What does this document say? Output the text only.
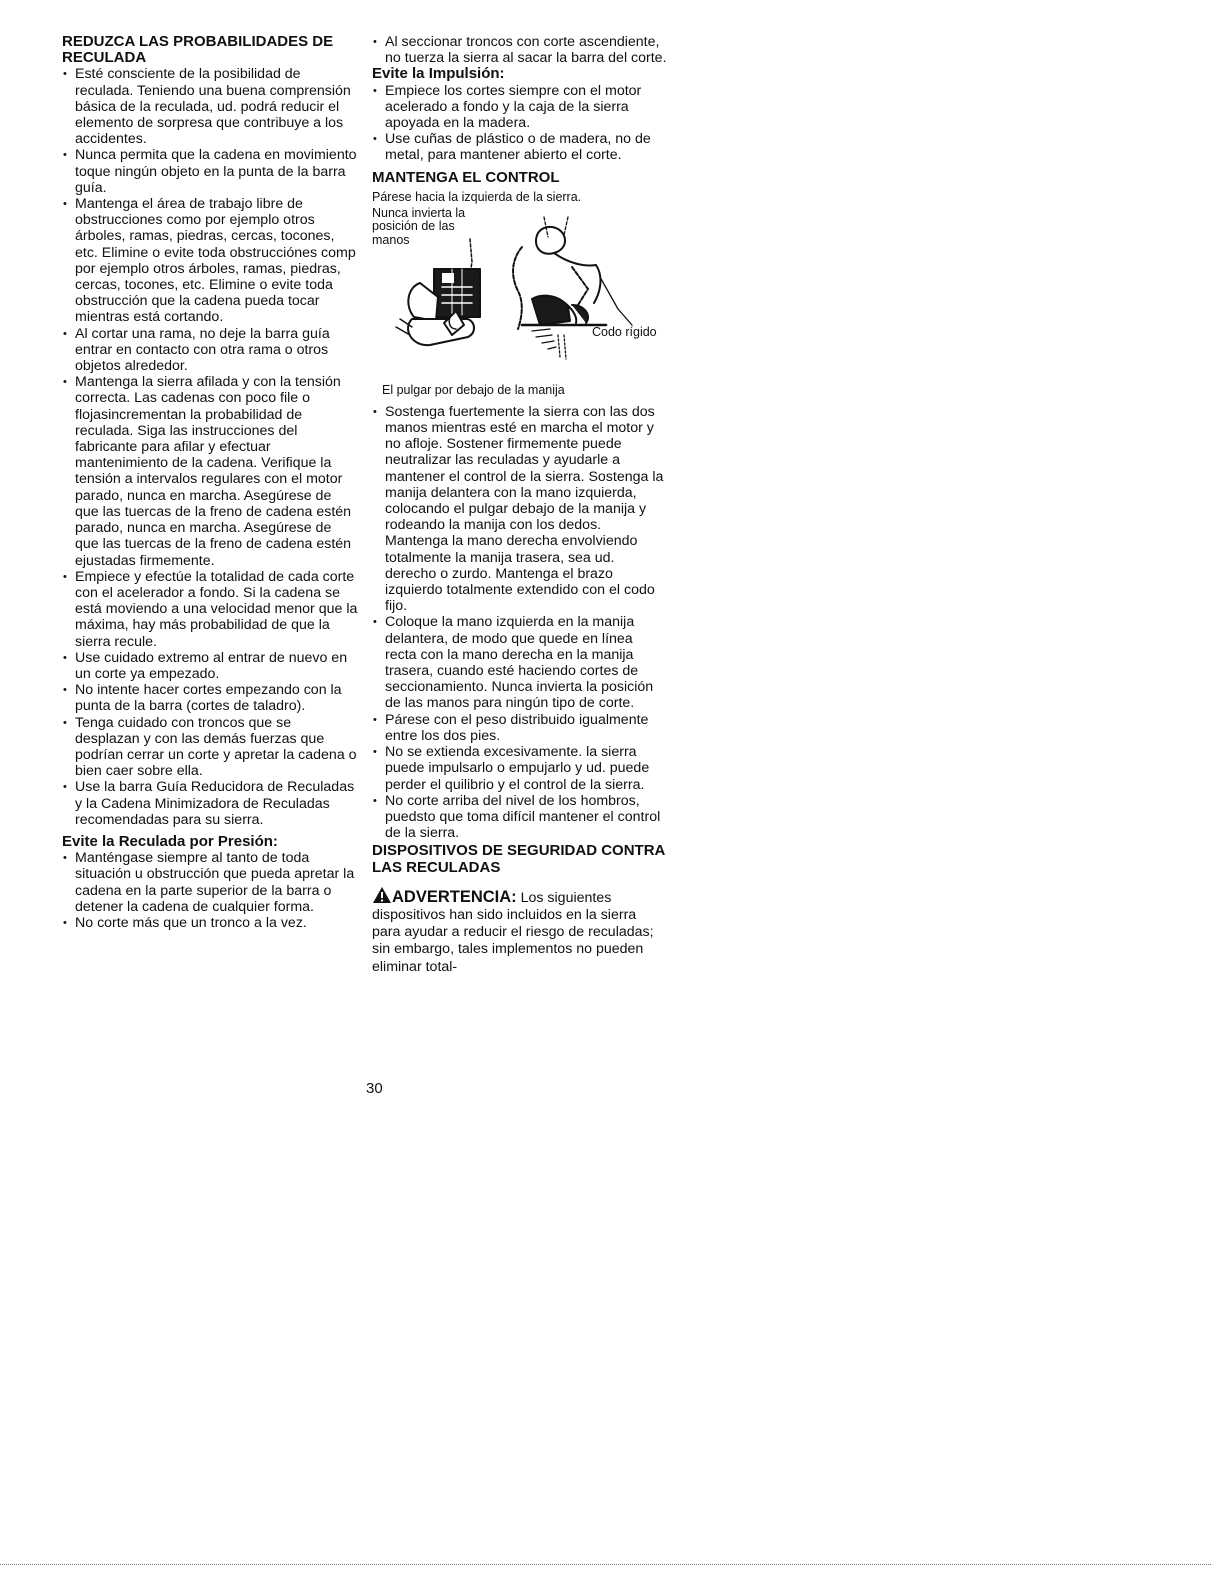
REDUZCA LAS PROBABILIDADES DE RECULADA
• Esté consciente de la posibilidad de reculada. Teniendo una buena comprensión básica de la reculada, ud. podrá reducir el elemento de sorpresa que contribuye a los accidentes.
• Nunca permita que la cadena en movimiento toque ningún objeto en la punta de la barra guía.
• Mantenga el área de trabajo libre de obstrucciones como por ejemplo otros árboles, ramas, piedras, cercas, tocones, etc. Elimine o evite toda obstrucciónes comp por ejemplo otros árboles, ramas, piedras, cercas, tocones, etc. Elimine o evite toda obstrucción que la cadena pueda tocar mientras está cortando.
• Al cortar una rama, no deje la barra guía entrar en contacto con otra rama o otros objetos alrededor.
• Mantenga la sierra afilada y con la tensión correcta. Las cadenas con poco file o flojasincrementan la probabilidad de reculada. Siga las instrucciones del fabricante para afilar y efectuar mantenimiento de la cadena. Verifique la tensión a intervalos regulares con el motor parado, nunca en marcha. Asegúrese de que las tuercas de la freno de cadena estén parado, nunca en marcha. Asegúrese de que las tuercas de la freno de cadena estén ejustadas firmemente.
• Empiece y efectúe la totalidad de cada corte con el acelerador a fondo. Si la cadena se está moviendo a una velocidad menor que la máxima, hay más probabilidad de que la sierra recule.
• Use cuidado extremo al entrar de nuevo en un corte ya empezado.
• No intente hacer cortes empezando con la punta de la barra (cortes de taladro).
• Tenga cuidado con troncos que se desplazan y con las demás fuerzas que podrían cerrar un corte y apretar la cadena o bien caer sobre ella.
• Use la barra Guía Reducidora de Reculadas y la Cadena Minimizadora de Reculadas recomendadas para su sierra.
Evite la Reculada por Presión:
• Manténgase siempre al tanto de toda situación u obstrucción que pueda apretar la cadena en la parte superior de la barra o detener la cadena de cualquier forma.
• No corte más que un tronco a la vez.
• Al seccionar troncos con corte ascendiente, no tuerza la sierra al sacar la barra del corte.
Evite la Impulsión:
• Empiece los cortes siempre con el motor acelerado a fondo y la caja de la sierra apoyada en la madera.
• Use cuñas de plástico o de madera, no de metal, para mantener abierto el corte.
MANTENGA EL CONTROL
Párese hacia la izquierda de la sierra.
Nunca invierta la posición de las manos
Codo rígido
El pulgar por debajo de la manija
• Sostenga fuertemente la sierra con las dos manos mientras esté en marcha el motor y no afloje. Sostener firmemente puede neutralizar las reculadas y ayudarle a mantener el control de la sierra. Sostenga la manija delantera con la mano izquierda, colocando el pulgar debajo de la manija y rodeando la manija con los dedos. Mantenga la mano derecha envolviendo totalmente la manija trasera, sea ud. derecho o zurdo. Mantenga el brazo izquierdo totalmente extendido con el codo fijo.
• Coloque la mano izquierda en la manija delantera, de modo que quede en línea recta con la mano derecha en la manija trasera, cuando esté haciendo cortes de seccionamiento. Nunca invierta la posición de las manos para ningún tipo de corte.
• Párese con el peso distribuido igualmente entre los dos pies.
• No se extienda excesivamente. la sierra puede impulsarlo o empujarlo y ud. puede perder el quilibrio y el control de la sierra.
• No corte arriba del nivel de los hombros, puedsto que toma difícil mantener el control de la sierra.
DISPOSITIVOS DE SEGURIDAD CONTRA LAS RECULADAS
ADVERTENCIA: Los siguientes dispositivos han sido incluidos en la sierra para ayudar a reducir el riesgo de reculadas; sin embargo, tales implementos no pueden eliminar total-
30
